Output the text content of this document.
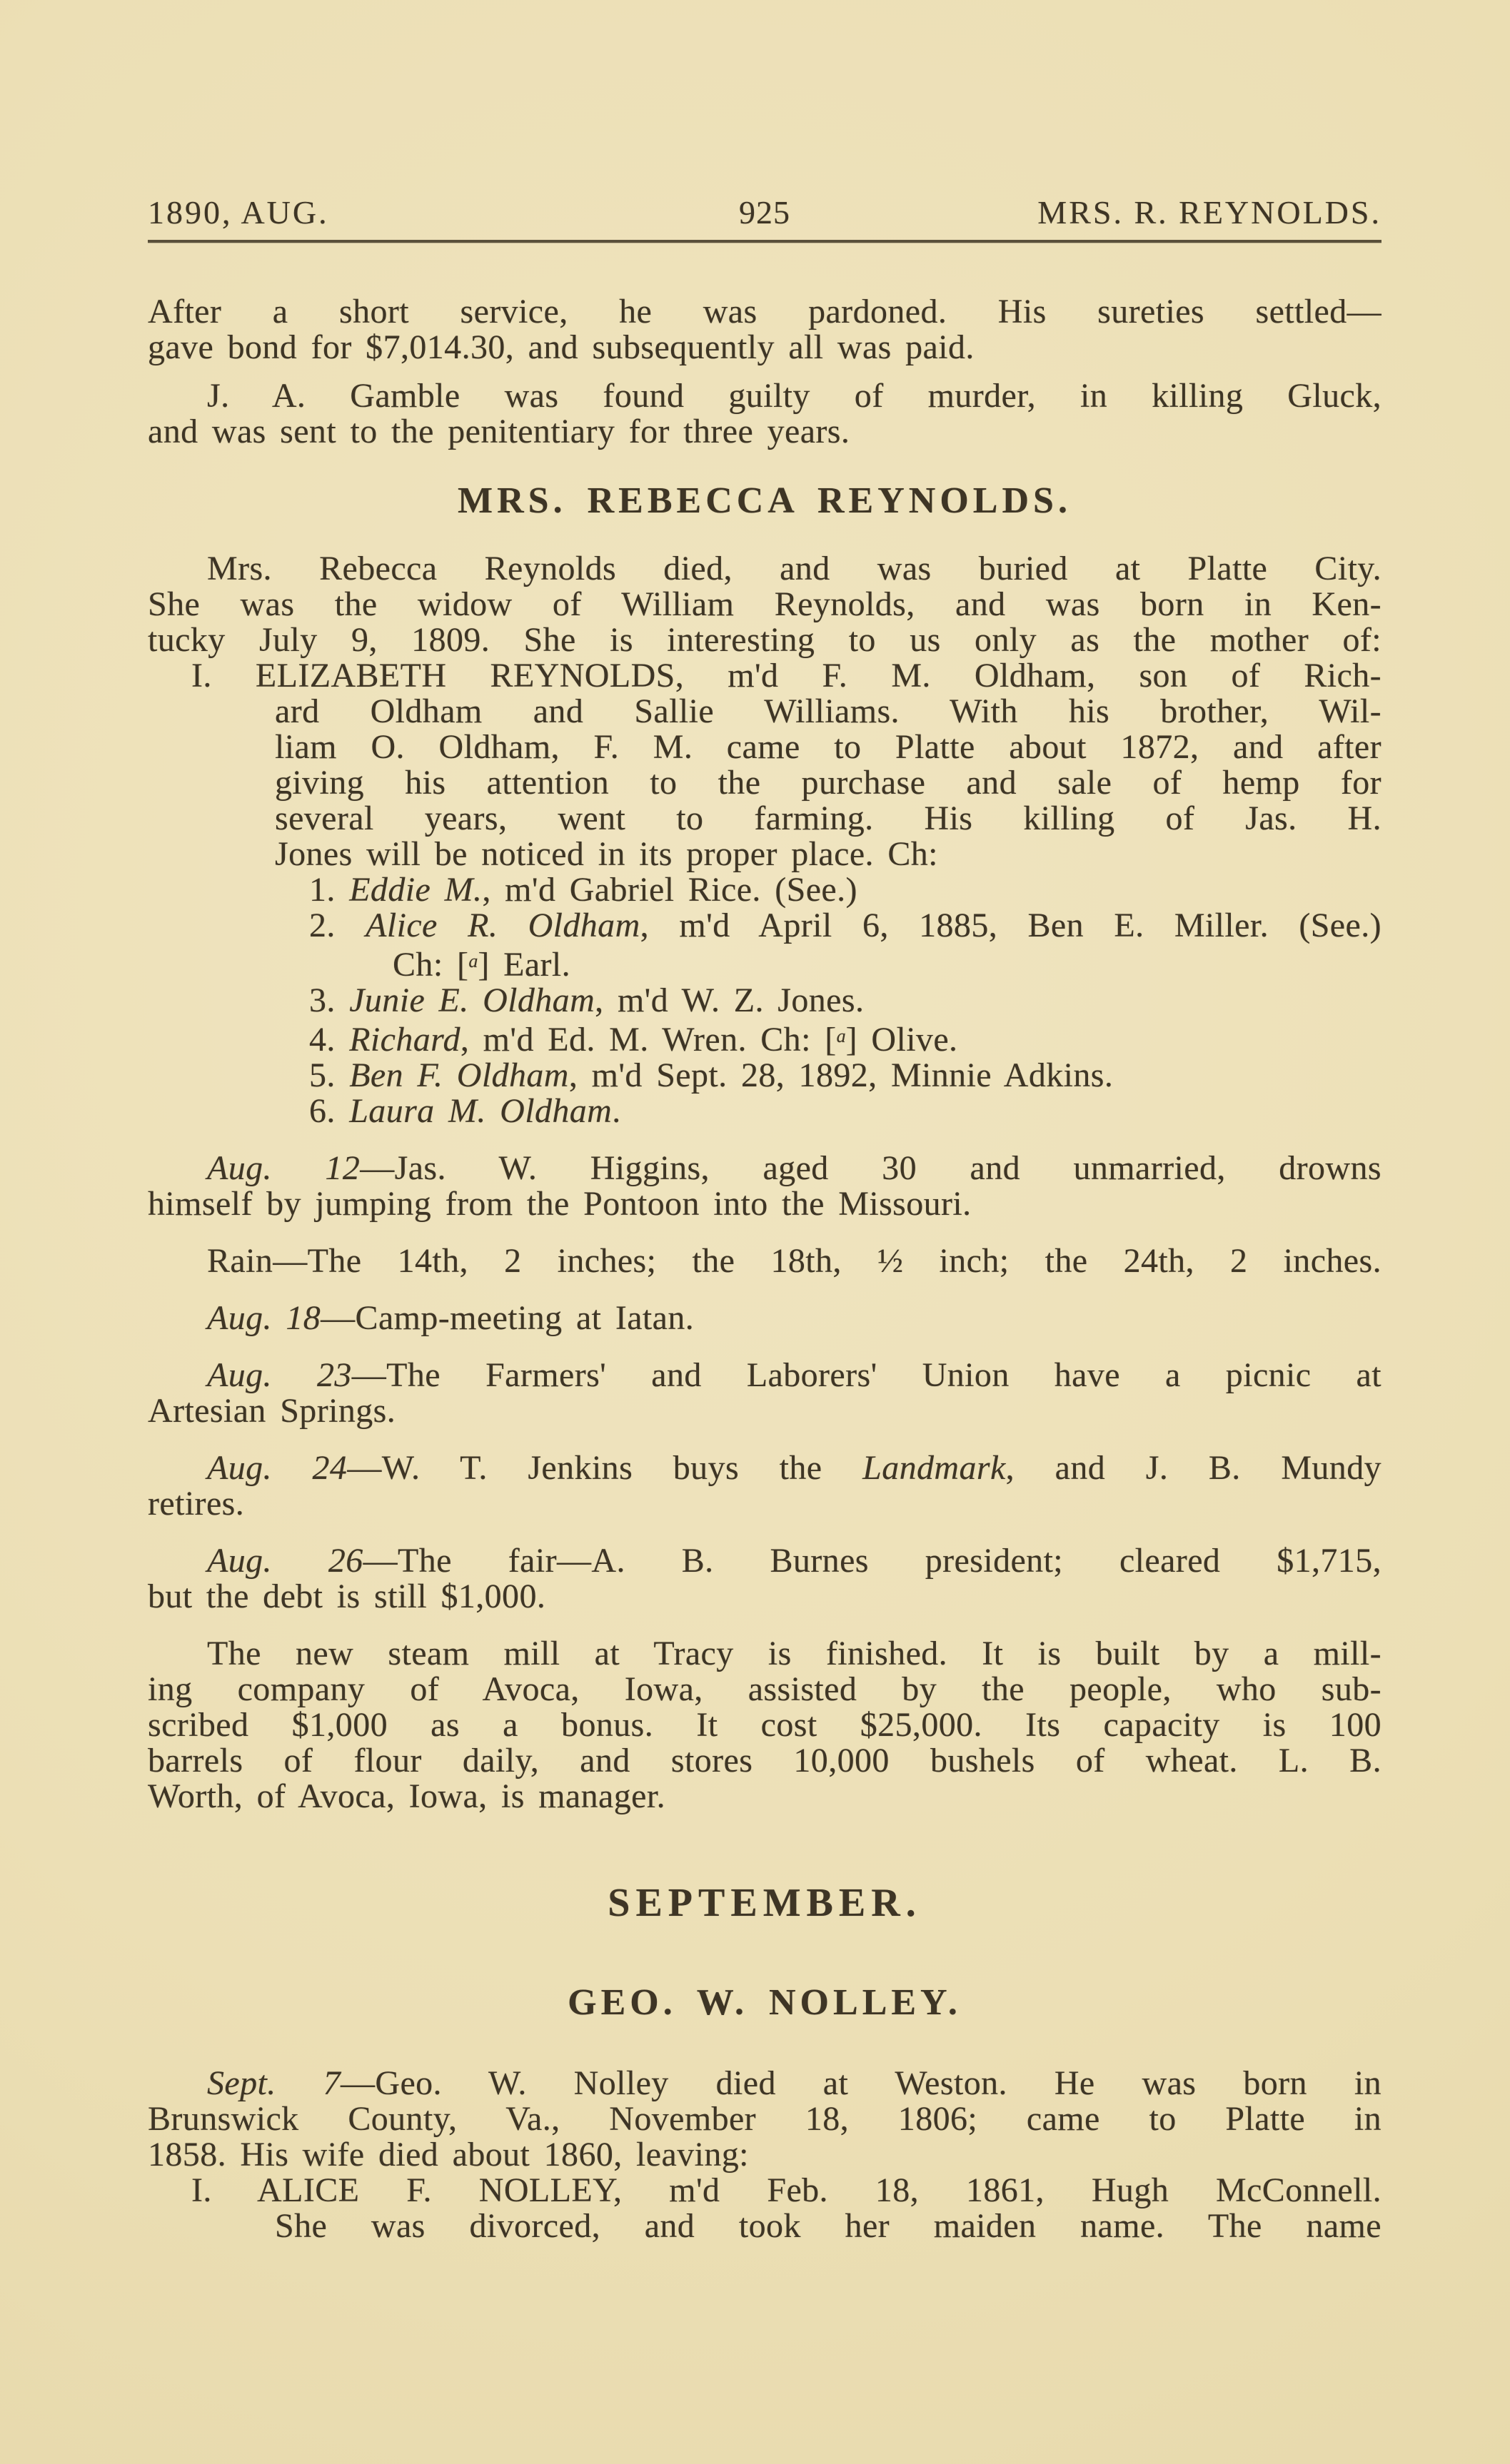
1890, AUG.	925	MRS. R. REYNOLDS.
After a short service, he was pardoned. His sureties settled—
gave bond for $7,014.30, and subsequently all was paid.
J. A. Gamble was found guilty of murder, in killing Gluck,
and was sent to the penitentiary for three years.
MRS. REBECCA REYNOLDS.
Mrs. Rebecca Reynolds died, and was buried at Platte City.
She was the widow of William Reynolds, and was born in Ken-
tucky July 9, 1809. She is interesting to us only as the mother of:
I. ELIZABETH REYNOLDS, m'd F. M. Oldham, son of Rich-
ard Oldham and Sallie Williams. With his brother, Wil-
liam O. Oldham, F. M. came to Platte about 1872, and after
giving his attention to the purchase and sale of hemp for
several years, went to farming. His killing of Jas. H.
Jones will be noticed in its proper place. Ch:
1. Eddie M., m'd Gabriel Rice. (See.)
2. Alice R. Oldham, m'd April 6, 1885, Ben E. Miller. (See.)
Ch: [$^a$] Earl.
3. Junie E. Oldham, m'd W. Z. Jones.
4. Richard, m'd Ed. M. Wren. Ch: [$^a$] Olive.
5. Ben F. Oldham, m'd Sept. 28, 1892, Minnie Adkins.
6. Laura M. Oldham.
Aug. 12—Jas. W. Higgins, aged 30 and unmarried, drowns
himself by jumping from the Pontoon into the Missouri.
Rain—The 14th, 2 inches; the 18th, ½ inch; the 24th, 2 inches.
Aug. 18—Camp-meeting at Iatan.
Aug. 23—The Farmers' and Laborers' Union have a picnic at
Artesian Springs.
Aug. 24—W. T. Jenkins buys the Landmark, and J. B. Mundy
retires.
Aug. 26—The fair—A. B. Burnes president; cleared $1,715,
but the debt is still $1,000.
The new steam mill at Tracy is finished. It is built by a mill-
ing company of Avoca, Iowa, assisted by the people, who sub-
scribed $1,000 as a bonus. It cost $25,000. Its capacity is 100
barrels of flour daily, and stores 10,000 bushels of wheat. L. B.
Worth, of Avoca, Iowa, is manager.
SEPTEMBER.
GEO. W. NOLLEY.
Sept. 7—Geo. W. Nolley died at Weston. He was born in
Brunswick County, Va., November 18, 1806; came to Platte in
1858. His wife died about 1860, leaving:
I. ALICE F. NOLLEY, m'd Feb. 18, 1861, Hugh McConnell.
She was divorced, and took her maiden name. The name
